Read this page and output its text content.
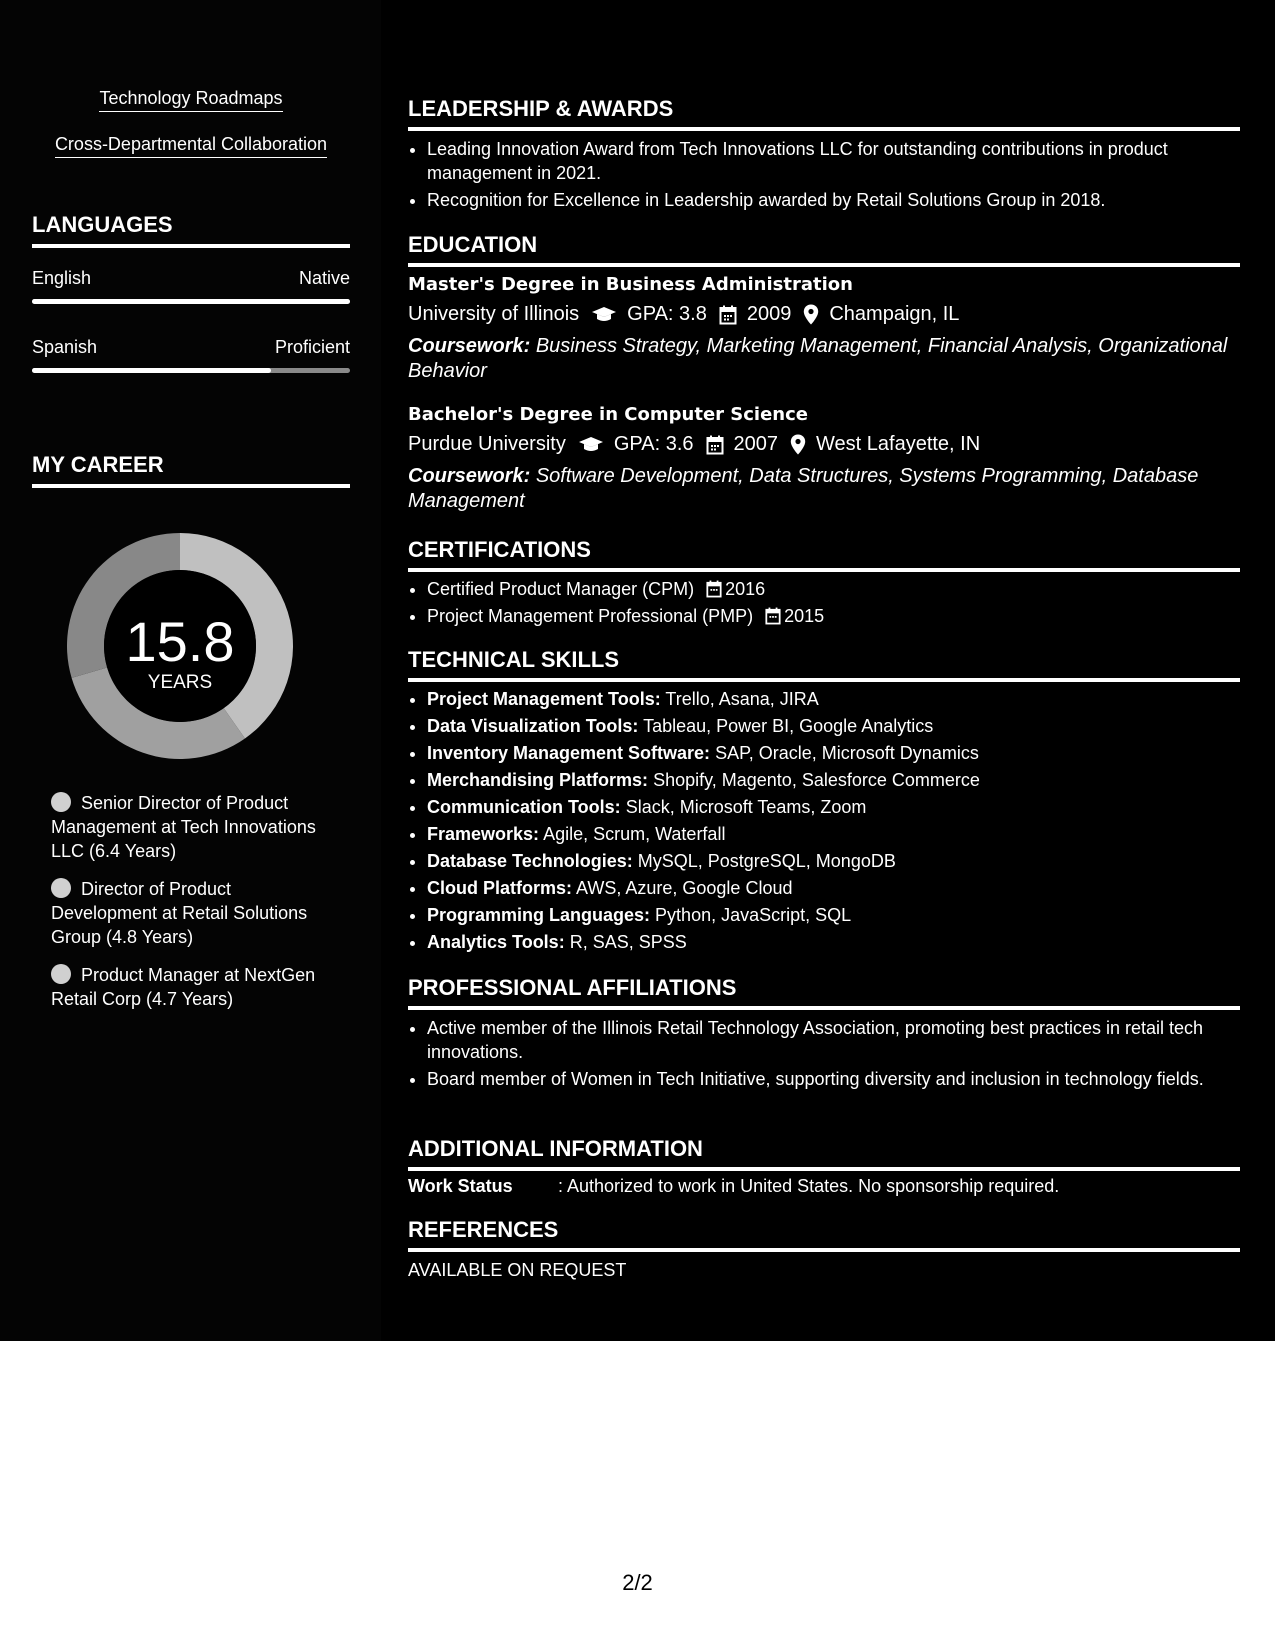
Technology Roadmaps
Cross-Departmental Collaboration
LANGUAGES
English	Native
Spanish	Proficient
MY CAREER
15.8
YEARS
Senior Director of Product Management at Tech Innovations LLC (6.4 Years)
Director of Product Development at Retail Solutions Group (4.8 Years)
Product Manager at NextGen Retail Corp (4.7 Years)
LEADERSHIP & AWARDS
• Leading Innovation Award from Tech Innovations LLC for outstanding contributions in product management in 2021.
• Recognition for Excellence in Leadership awarded by Retail Solutions Group in 2018.
EDUCATION
Master's Degree in Business Administration
University of Illinois GPA: 3.8 2009 Champaign, IL
Coursework: Business Strategy, Marketing Management, Financial Analysis, Organizational Behavior
Bachelor's Degree in Computer Science
Purdue University GPA: 3.6 2007 West Lafayette, IN
Coursework: Software Development, Data Structures, Systems Programming, Database Management
CERTIFICATIONS
• Certified Product Manager (CPM) 2016
• Project Management Professional (PMP) 2015
TECHNICAL SKILLS
• Project Management Tools: Trello, Asana, JIRA
• Data Visualization Tools: Tableau, Power BI, Google Analytics
• Inventory Management Software: SAP, Oracle, Microsoft Dynamics
• Merchandising Platforms: Shopify, Magento, Salesforce Commerce
• Communication Tools: Slack, Microsoft Teams, Zoom
• Frameworks: Agile, Scrum, Waterfall
• Database Technologies: MySQL, PostgreSQL, MongoDB
• Cloud Platforms: AWS, Azure, Google Cloud
• Programming Languages: Python, JavaScript, SQL
• Analytics Tools: R, SAS, SPSS
PROFESSIONAL AFFILIATIONS
• Active member of the Illinois Retail Technology Association, promoting best practices in retail tech innovations.
• Board member of Women in Tech Initiative, supporting diversity and inclusion in technology fields.
ADDITIONAL INFORMATION
Work Status	: Authorized to work in United States. No sponsorship required.
REFERENCES
AVAILABLE ON REQUEST
2/2
